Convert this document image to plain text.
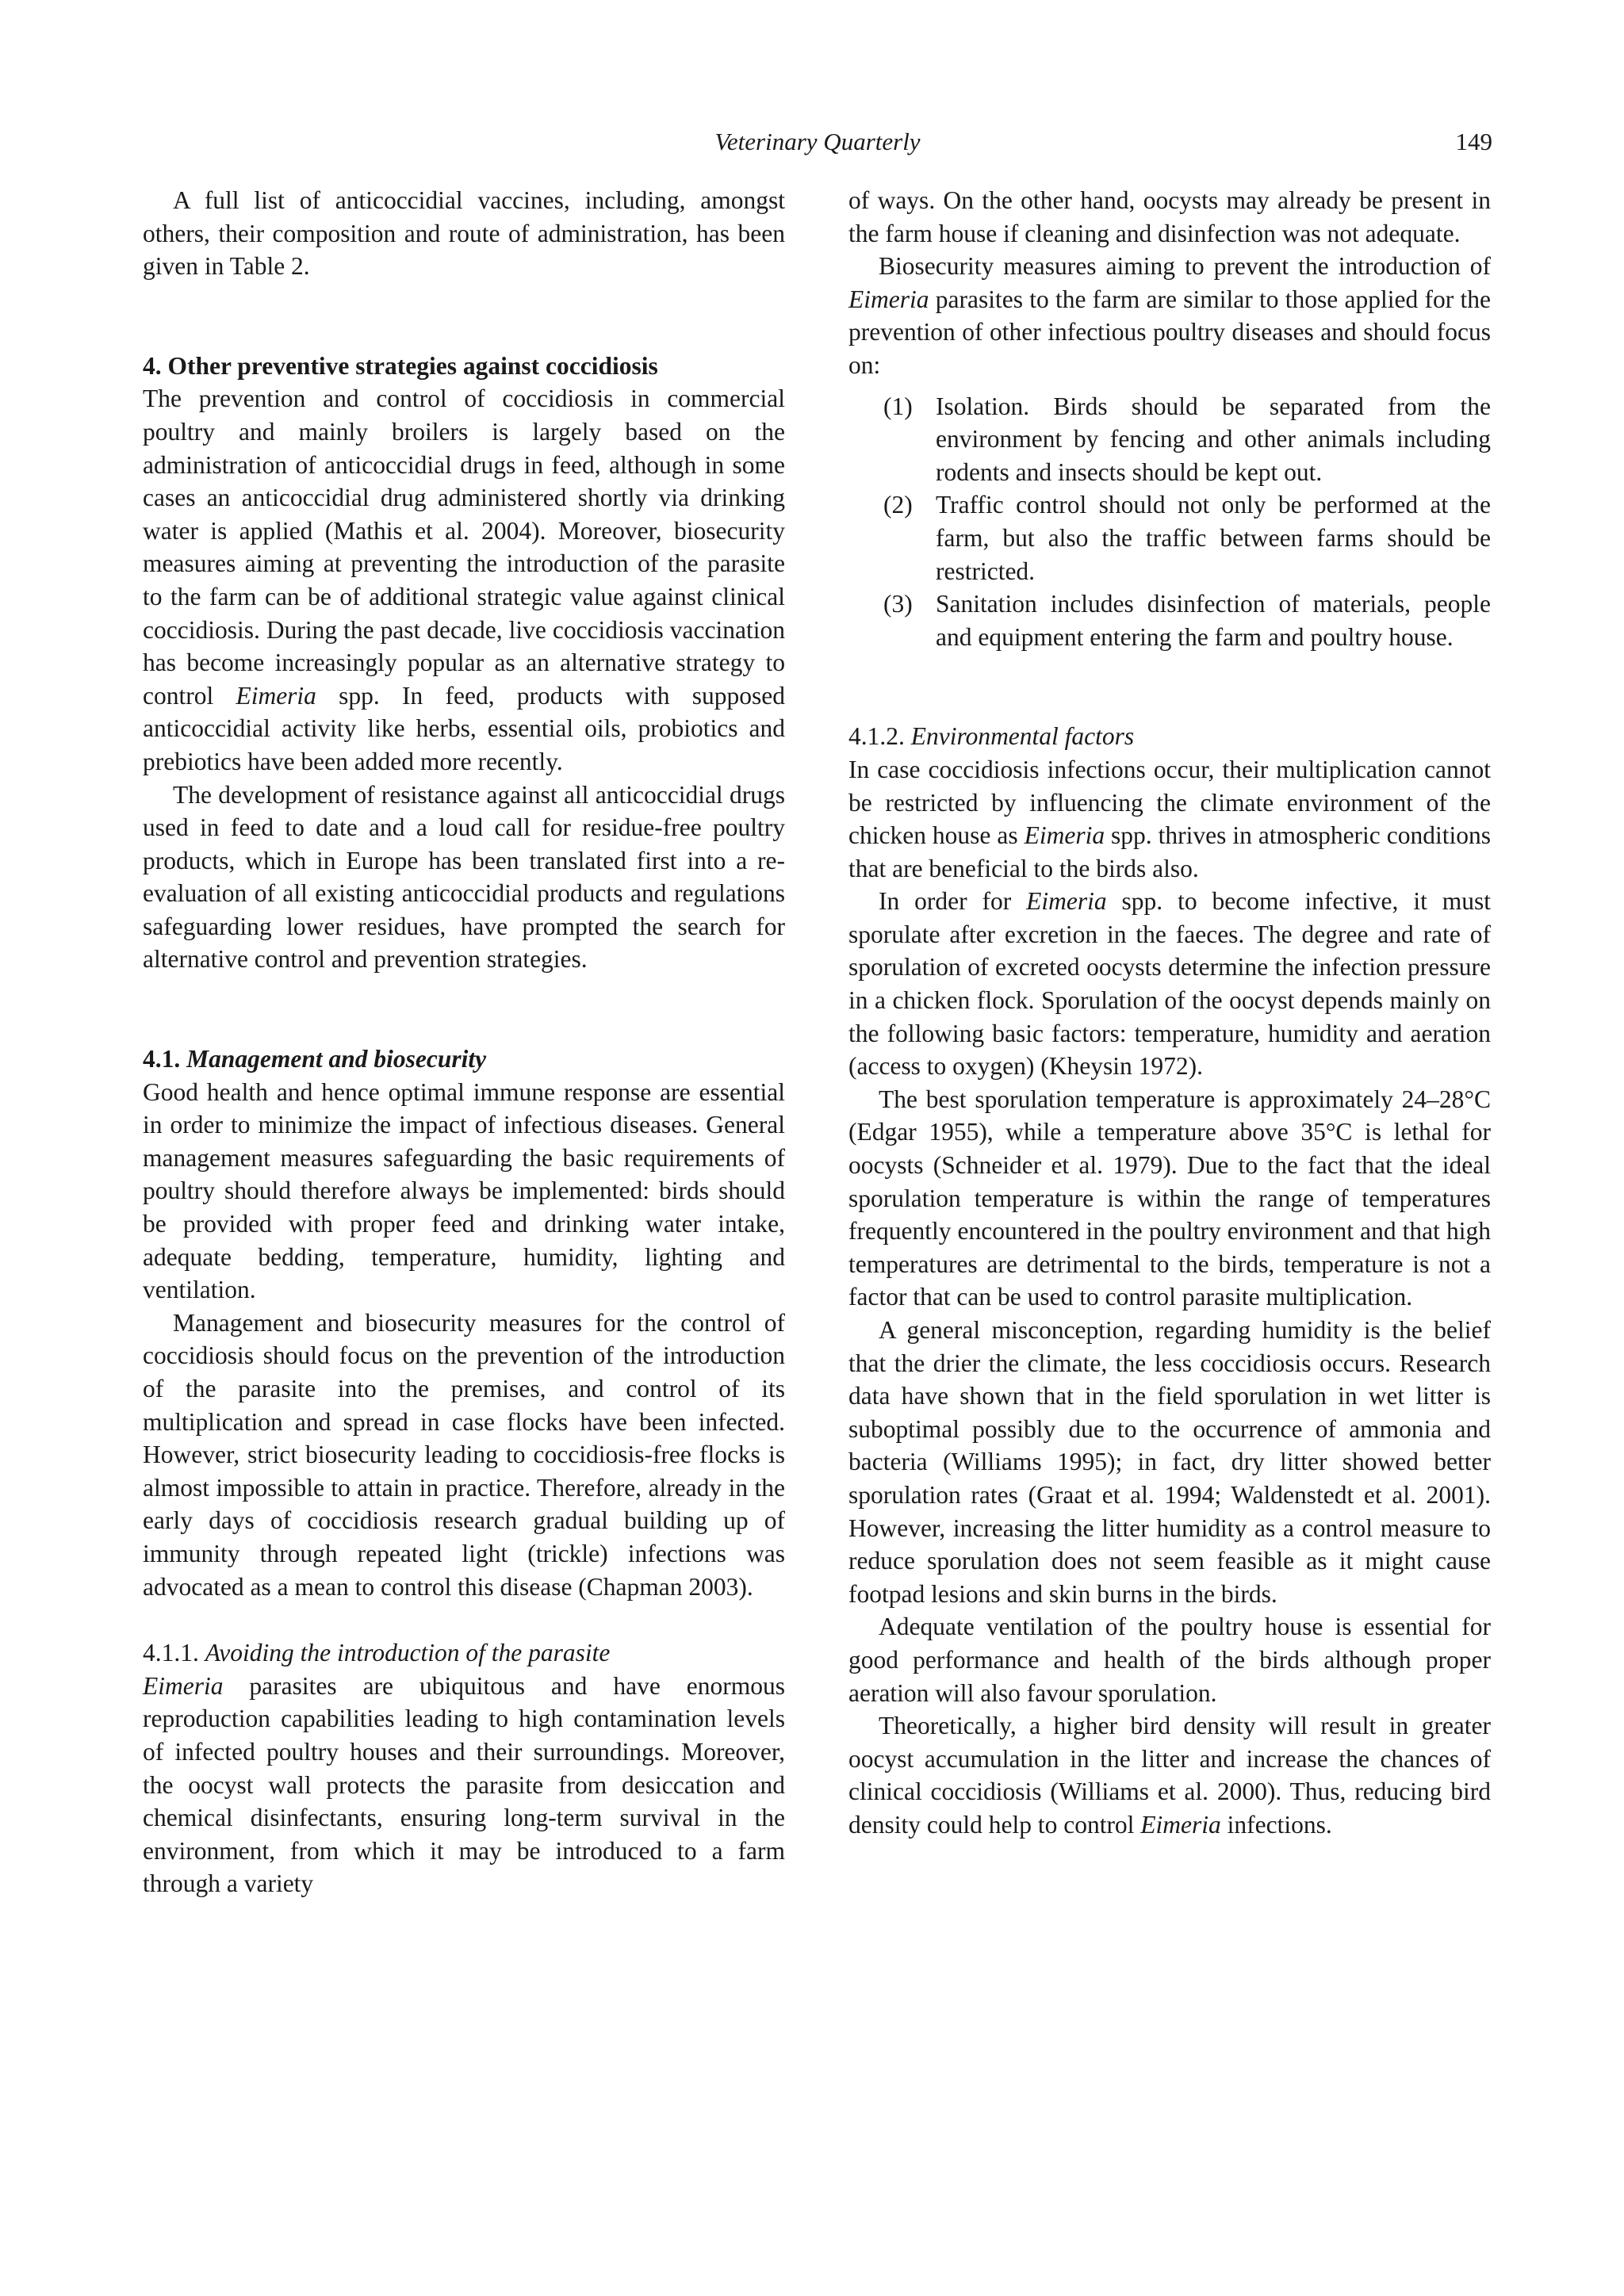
Veterinary Quarterly	149

A full list of anticoccidial vaccines, including, amongst others, their composition and route of administration, has been given in Table 2.

4. Other preventive strategies against coccidiosis

The prevention and control of coccidiosis in commercial poultry and mainly broilers is largely based on the administration of anticoccidial drugs in feed, although in some cases an anticoccidial drug administered shortly via drinking water is applied (Mathis et al. 2004). Moreover, biosecurity measures aiming at preventing the introduction of the parasite to the farm can be of additional strategic value against clinical coccidiosis. During the past decade, live coccidiosis vaccination has become increasingly popular as an alternative strategy to control Eimeria spp. In feed, products with supposed anticoccidial activity like herbs, essential oils, probiotics and prebiotics have been added more recently.

The development of resistance against all anticoccidial drugs used in feed to date and a loud call for residue-free poultry products, which in Europe has been translated first into a re-evaluation of all existing anticoccidial products and regulations safeguarding lower residues, have prompted the search for alternative control and prevention strategies.

4.1. Management and biosecurity

Good health and hence optimal immune response are essential in order to minimize the impact of infectious diseases. General management measures safeguarding the basic requirements of poultry should therefore always be implemented: birds should be provided with proper feed and drinking water intake, adequate bedding, temperature, humidity, lighting and ventilation.

Management and biosecurity measures for the control of coccidiosis should focus on the prevention of the introduction of the parasite into the premises, and control of its multiplication and spread in case flocks have been infected. However, strict biosecurity leading to coccidiosis-free flocks is almost impossible to attain in practice. Therefore, already in the early days of coccidiosis research gradual building up of immunity through repeated light (trickle) infections was advocated as a mean to control this disease (Chapman 2003).

4.1.1. Avoiding the introduction of the parasite

Eimeria parasites are ubiquitous and have enormous reproduction capabilities leading to high contamination levels of infected poultry houses and their surroundings. Moreover, the oocyst wall protects the parasite from desiccation and chemical disinfectants, ensuring long-term survival in the environment, from which it may be introduced to a farm through a variety

of ways. On the other hand, oocysts may already be present in the farm house if cleaning and disinfection was not adequate.

Biosecurity measures aiming to prevent the introduction of Eimeria parasites to the farm are similar to those applied for the prevention of other infectious poultry diseases and should focus on:

(1) Isolation. Birds should be separated from the environment by fencing and other animals including rodents and insects should be kept out.
(2) Traffic control should not only be performed at the farm, but also the traffic between farms should be restricted.
(3) Sanitation includes disinfection of materials, people and equipment entering the farm and poultry house.
4.1.2. Environmental factors

In case coccidiosis infections occur, their multiplication cannot be restricted by influencing the climate environment of the chicken house as Eimeria spp. thrives in atmospheric conditions that are beneficial to the birds also.

In order for Eimeria spp. to become infective, it must sporulate after excretion in the faeces. The degree and rate of sporulation of excreted oocysts determine the infection pressure in a chicken flock. Sporulation of the oocyst depends mainly on the following basic factors: temperature, humidity and aeration (access to oxygen) (Kheysin 1972).

The best sporulation temperature is approximately 24–28°C (Edgar 1955), while a temperature above 35°C is lethal for oocysts (Schneider et al. 1979). Due to the fact that the ideal sporulation temperature is within the range of temperatures frequently encountered in the poultry environment and that high temperatures are detrimental to the birds, temperature is not a factor that can be used to control parasite multiplication.

A general misconception, regarding humidity is the belief that the drier the climate, the less coccidiosis occurs. Research data have shown that in the field sporulation in wet litter is suboptimal possibly due to the occurrence of ammonia and bacteria (Williams 1995); in fact, dry litter showed better sporulation rates (Graat et al. 1994; Waldenstedt et al. 2001). However, increasing the litter humidity as a control measure to reduce sporulation does not seem feasible as it might cause footpad lesions and skin burns in the birds.

Adequate ventilation of the poultry house is essential for good performance and health of the birds although proper aeration will also favour sporulation.

Theoretically, a higher bird density will result in greater oocyst accumulation in the litter and increase the chances of clinical coccidiosis (Williams et al. 2000). Thus, reducing bird density could help to control Eimeria infections.
